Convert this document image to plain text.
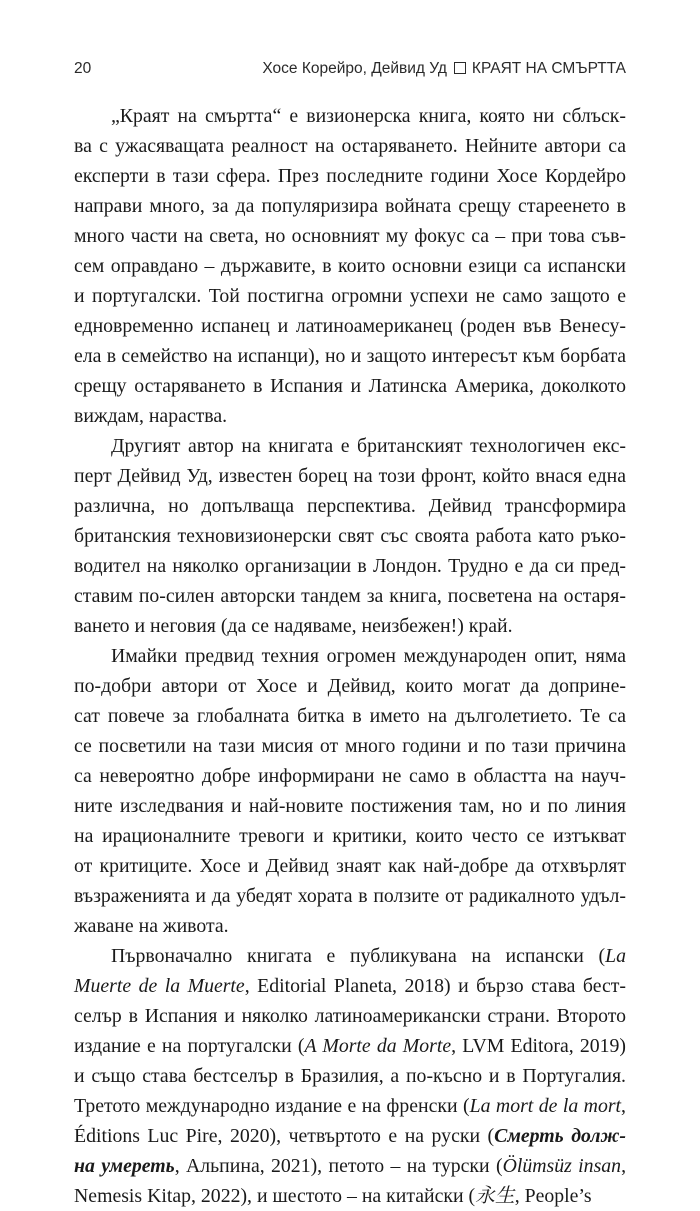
20	Хосе Корейро, Дейвид Уд КРАЯТ НА СМЪРТТА
„Краят на смъртта“ е визионерска книга, която ни сблъск-
ва с ужасяващата реалност на остаряването. Нейните автори са
експерти в тази сфера. През последните години Хосе Кордейро
направи много, за да популяризира войната срещу стареенето в
много части на света, но основният му фокус са – при това съв-
сем оправдано – държавите, в които основни езици са испански
и португалски. Той постигна огромни успехи не само защото е
едновременно испанец и латиноамериканец (роден във Венесу-
ела в семейство на испанци), но и защото интересът към борбата
срещу остаряването в Испания и Латинска Америка, доколкото
виждам, нараства.
Другият автор на книгата е британският технологичен екс-
перт Дейвид Уд, известен борец на този фронт, който внася една
различна, но допълваща перспектива. Дейвид трансформира
британския техновизионерски свят със своята работа като ръко-
водител на няколко организации в Лондон. Трудно е да си пред-
ставим по-силен авторски тандем за книга, посветена на остаря-
ването и неговия (да се надяваме, неизбежен!) край.
Имайки предвид техния огромен международен опит, няма
по-добри автори от Хосе и Дейвид, които могат да доприне-
сат повече за глобалната битка в името на дълголетието. Те са
се посветили на тази мисия от много години и по тази причина
са невероятно добре информирани не само в областта на науч-
ните изследвания и най-новите постижения там, но и по линия
на ирационалните тревоги и критики, които често се изтъкват
от критиците. Хосе и Дейвид знаят как най-добре да отхвърлят
възраженията и да убедят хората в ползите от радикалното удъл-
жаване на живота.
Първоначално книгата е публикувана на испански (La
Muerte de la Muerte, Editorial Planeta, 2018) и бързо става бест-
селър в Испания и няколко латиноамерикански страни. Второто
издание е на португалски (A Morte da Morte, LVM Editora, 2019)
и също става бестселър в Бразилия, а по-късно и в Португалия.
Третото международно издание е на френски (La mort de la mort,
Éditions Luc Pire, 2020), четвъртото е на руски (Смерть долж-
на умереть, Альпина, 2021), петото – на турски (Ölümsüz insan,
Nemesis Kitap, 2022), и шестото – на китайски (永生, People’s
